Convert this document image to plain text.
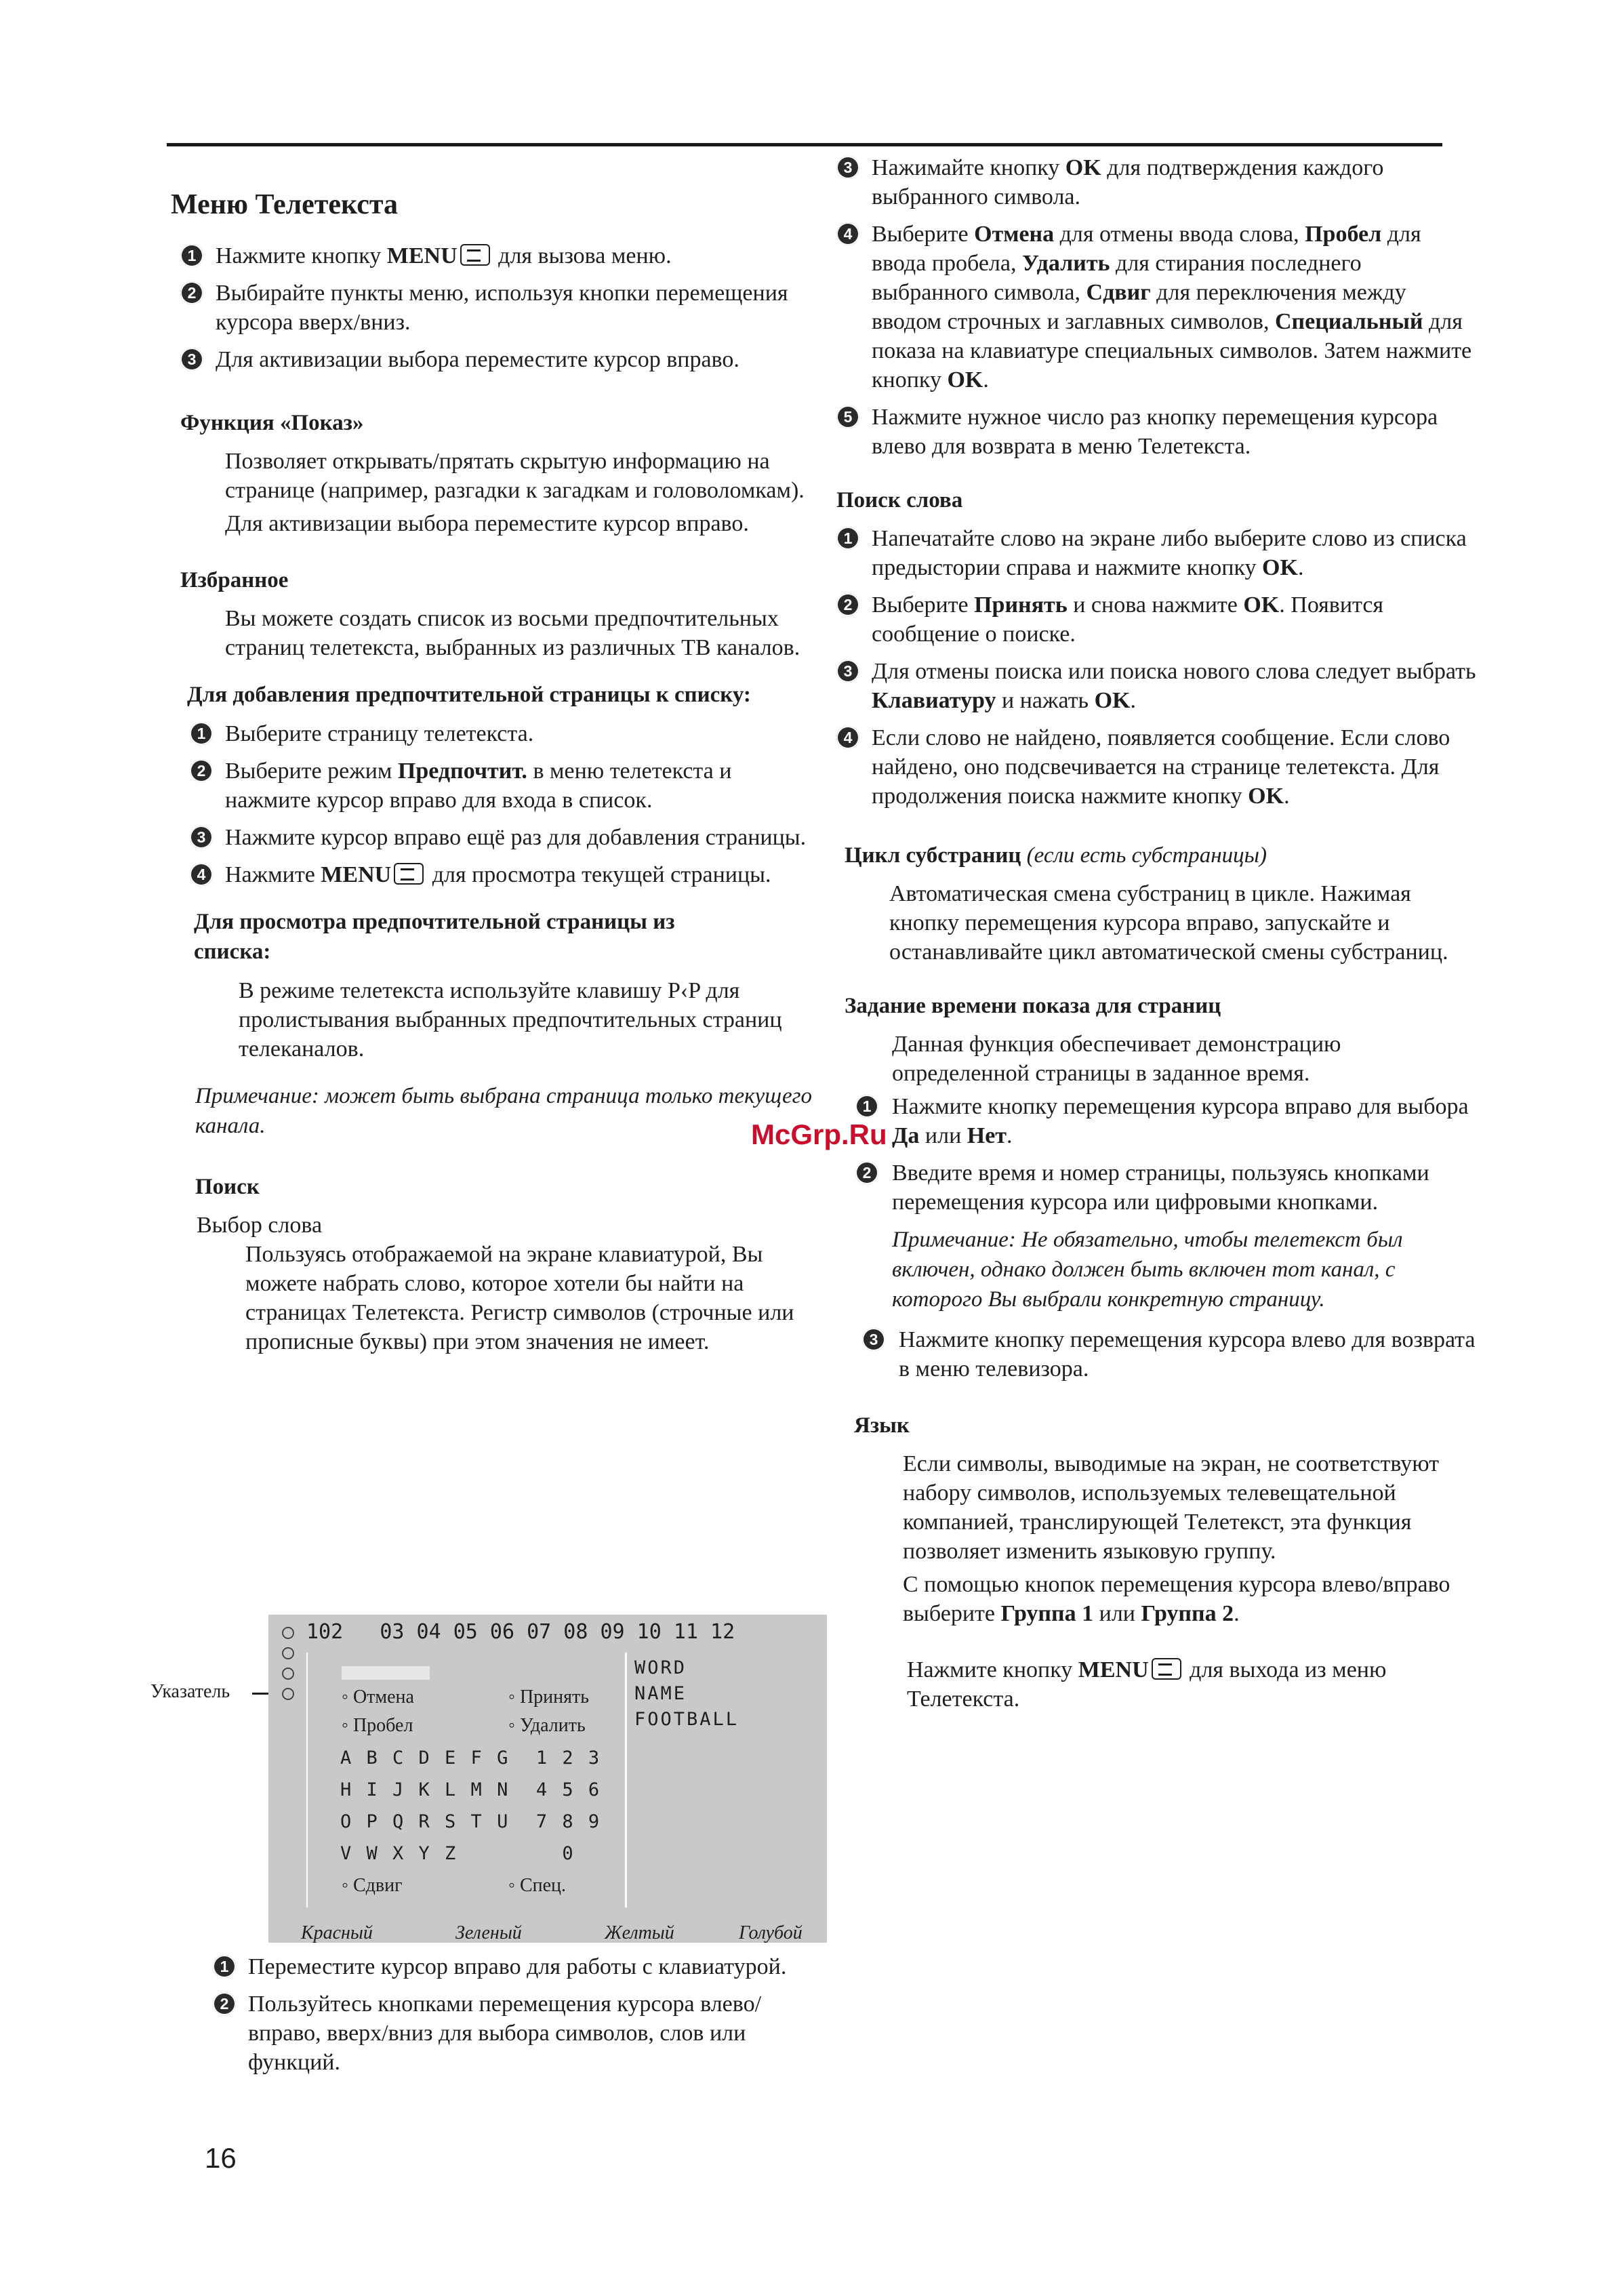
Меню Телетекста
1 Нажмите кнопку MENU для вызова меню.
2 Выбирайте пункты меню, используя кнопки перемещения курсора вверх/вниз.
3 Для активизации выбора переместите курсор вправо.
Функция «Показ»

Позволяет открывать/прятать скрытую информацию на странице (например, разгадки к загадкам и головоломкам).

Для активизации выбора переместите курсор вправо.

Избранное

Вы можете создать список из восьми предпочтительных страниц телетекста, выбранных из различных ТВ каналов.

Для добавления предпочтительной страницы к списку:
1 Выберите страницу телетекста.
2 Выберите режим Предпочтит. в меню телетекста и нажмите курсор вправо для входа в список.
3 Нажмите курсор вправо ещё раз для добавления страницы.
4 Нажмите MENU для просмотра текущей страницы.
Для просмотра предпочтительной страницы из списка:

В режиме телетекста используйте клавишу P‹P для пролистывания выбранных предпочтительных страниц телеканалов.

Примечание: может быть выбрана страница только текущего канала.

Поиск

Выбор слова

Пользуясь отображаемой на экране клавиатурой, Вы можете набрать слово, которое хотели бы найти на страницах Телетекста. Регистр символов (строчные или прописные буквы) при этом значения не имеет.

Указатель
102   03 04 05 06 07 08 09 10 11 12
◦ Отмена	◦ Принять
◦ Пробел	◦ Удалить
A B C D E F G  1 2 3
H I J K L M N  4 5 6
O P Q R S T U  7 8 9
V W X Y Z        0
◦ Сдвиг	◦ Спец.
WORD
NAME
FOOTBALL
Красный	Зеленый	Желтый	Голубой
1 Переместите курсор вправо для работы с клавиатурой.
2 Пользуйтесь кнопками перемещения курсора влево/вправо, вверх/вниз для выбора символов, слов или функций.
3 Нажимайте кнопку OK для подтверждения каждого выбранного символа.
4 Выберите Отмена для отмены ввода слова, Пробел для ввода пробела, Удалить для стирания последнего выбранного символа, Сдвиг для переключения между вводом строчных и заглавных символов, Специальный для показа на клавиатуре специальных символов. Затем нажмите кнопку OK.
5 Нажмите нужное число раз кнопку перемещения курсора влево для возврата в меню Телетекста.
Поиск слова
1 Напечатайте слово на экране либо выберите слово из списка предыстории справа и нажмите кнопку OK.
2 Выберите Принять и снова нажмите OK. Появится сообщение о поиске.
3 Для отмены поиска или поиска нового слова следует выбрать Клавиатуру и нажать OK.
4 Если слово не найдено, появляется сообщение. Если слово найдено, оно подсвечивается на странице телетекста. Для продолжения поиска нажмите кнопку OK.
Цикл субстраниц (если есть субстраницы)

Автоматическая смена субстраниц в цикле. Нажимая кнопку перемещения курсора вправо, запускайте и останавливайте цикл автоматической смены субстраниц.

Задание времени показа для страниц

Данная функция обеспечивает демонстрацию определенной страницы в заданное время.

1 Нажмите кнопку перемещения курсора вправо для выбора Да или Нет.
2 Введите время и номер страницы, пользуясь кнопками перемещения курсора или цифровыми кнопками.

Примечание: Не обязательно, чтобы телетекст был включен, однако должен быть включен тот канал, с которого Вы выбрали конкретную страницу.

3 Нажмите кнопку перемещения курсора влево для возврата в меню телевизора.
Язык

Если символы, выводимые на экран, не соответствуют набору символов, используемых телевещательной компанией, транслирующей Телетекст, эта функция позволяет изменить языковую группу.

С помощью кнопок перемещения курсора влево/вправо выберите Группа 1 или Группа 2.

Нажмите кнопку MENU для выхода из меню Телетекста.

McGrp.Ru
16
